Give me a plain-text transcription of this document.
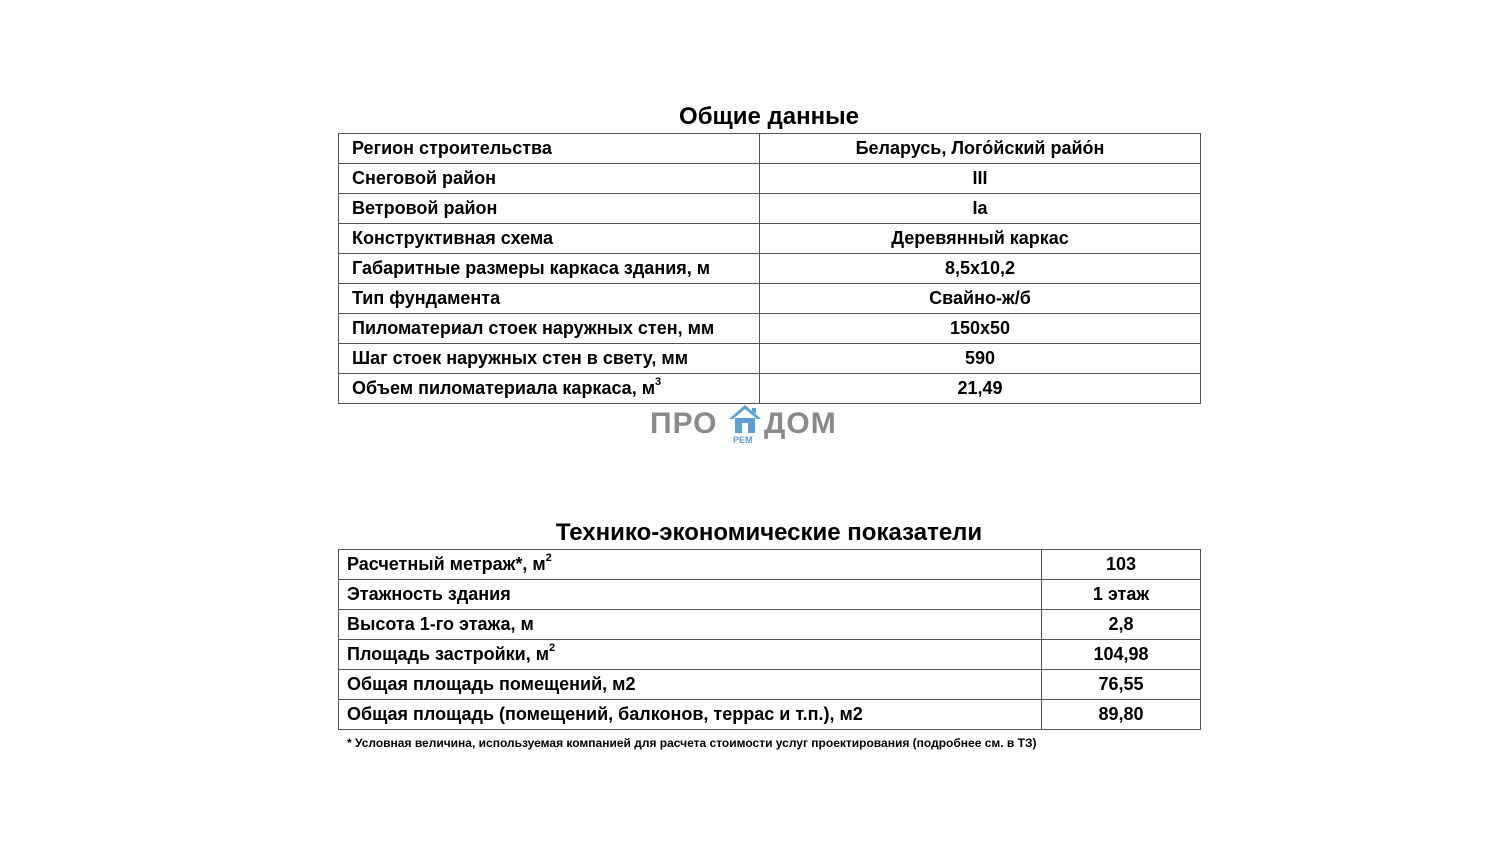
Общие данные
Регион строительства	Беларусь, Лого́йский райо́н
Снеговой район	III
Ветровой район	Ia
Конструктивная схема	Деревянный каркас
Габаритные размеры каркаса здания, м	8,5x10,2
Тип фундамента	Свайно-ж/б
Пиломатериал стоек наружных стен, мм	150x50
Шаг стоек наружных стен в свету, мм	590
Объем пиломатериала каркаса, $м^3$	21,49
ПРО РЕМ ДОМ
Технико-экономические показатели
Расчетный метраж*, $м^2$	103
Этажность здания	1 этаж
Высота 1-го этажа, м	2,8
Площадь застройки, $м^2$	104,98
Общая площадь помещений, м2	76,55
Общая площадь (помещений, балконов, террас и т.п.), м2	89,80
* Условная величина, используемая компанией для расчета стоимости услуг проектирования (подробнее см. в ТЗ)
